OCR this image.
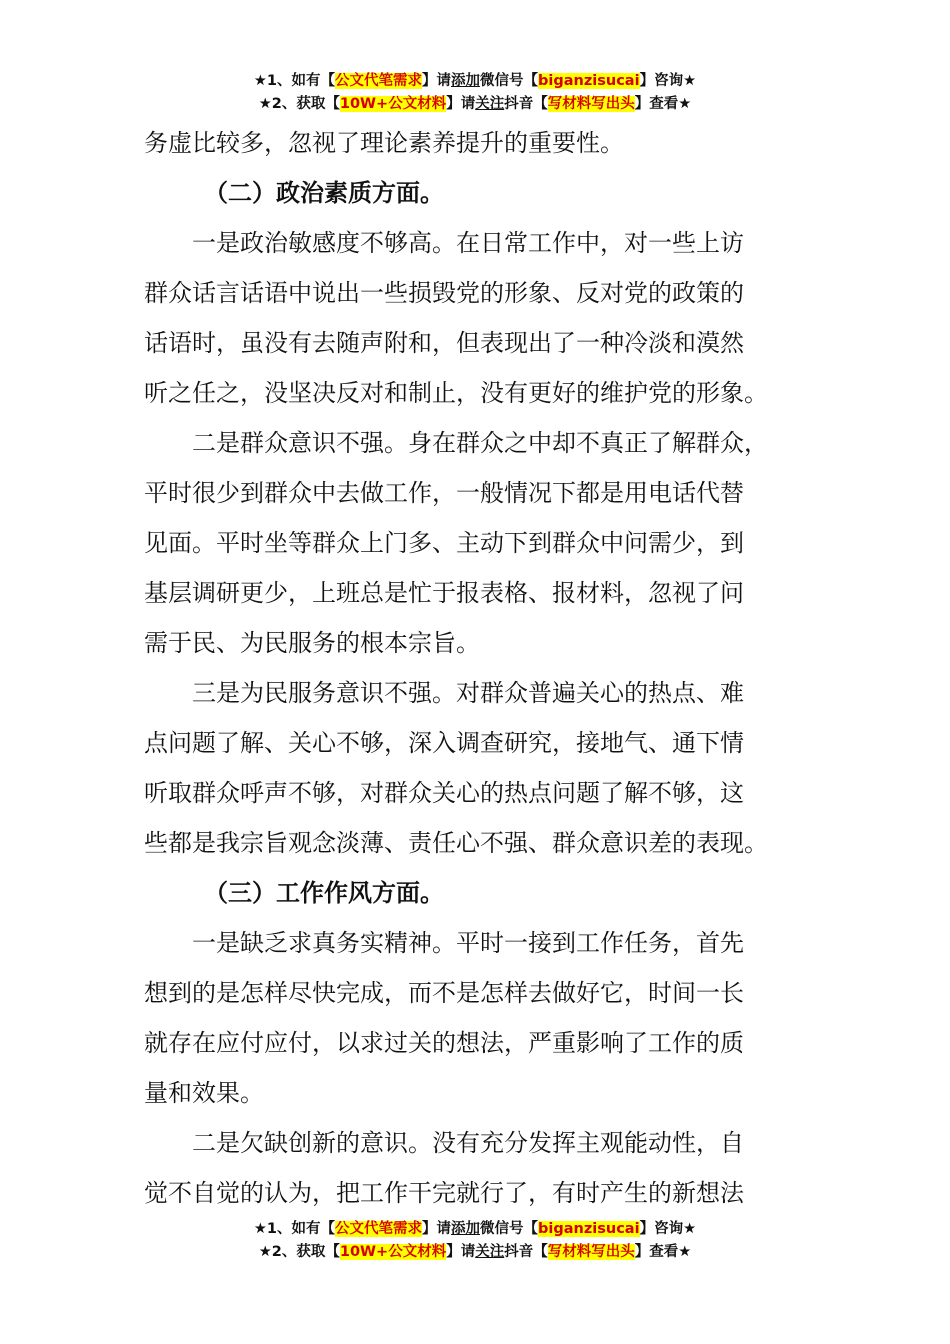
★1、如有【公文代笔需求】请添加微信号【biganzisucai】咨询★
★2、获取【10W+公文材料】请关注抖音【写材料写出头】查看★
务虚比较多，忽视了理论素养提升的重要性。
（二）政治素质方面。
一是政治敏感度不够高。在日常工作中，对一些上访
群众话言话语中说出一些损毁党的形象、反对党的政策的
话语时，虽没有去随声附和，但表现出了一种冷淡和漠然
听之任之，没坚决反对和制止，没有更好的维护党的形象。
二是群众意识不强。身在群众之中却不真正了解群众，
平时很少到群众中去做工作，一般情况下都是用电话代替
见面。平时坐等群众上门多、主动下到群众中问需少，到
基层调研更少，上班总是忙于报表格、报材料，忽视了问
需于民、为民服务的根本宗旨。
三是为民服务意识不强。对群众普遍关心的热点、难
点问题了解、关心不够，深入调查研究，接地气、通下情
听取群众呼声不够，对群众关心的热点问题了解不够，这
些都是我宗旨观念淡薄、责任心不强、群众意识差的表现。
（三）工作作风方面。
一是缺乏求真务实精神。平时一接到工作任务，首先
想到的是怎样尽快完成，而不是怎样去做好它，时间一长
就存在应付应付，以求过关的想法，严重影响了工作的质
量和效果。
二是欠缺创新的意识。没有充分发挥主观能动性，自
觉不自觉的认为，把工作干完就行了，有时产生的新想法
★1、如有【公文代笔需求】请添加微信号【biganzisucai】咨询★
★2、获取【10W+公文材料】请关注抖音【写材料写出头】查看★
